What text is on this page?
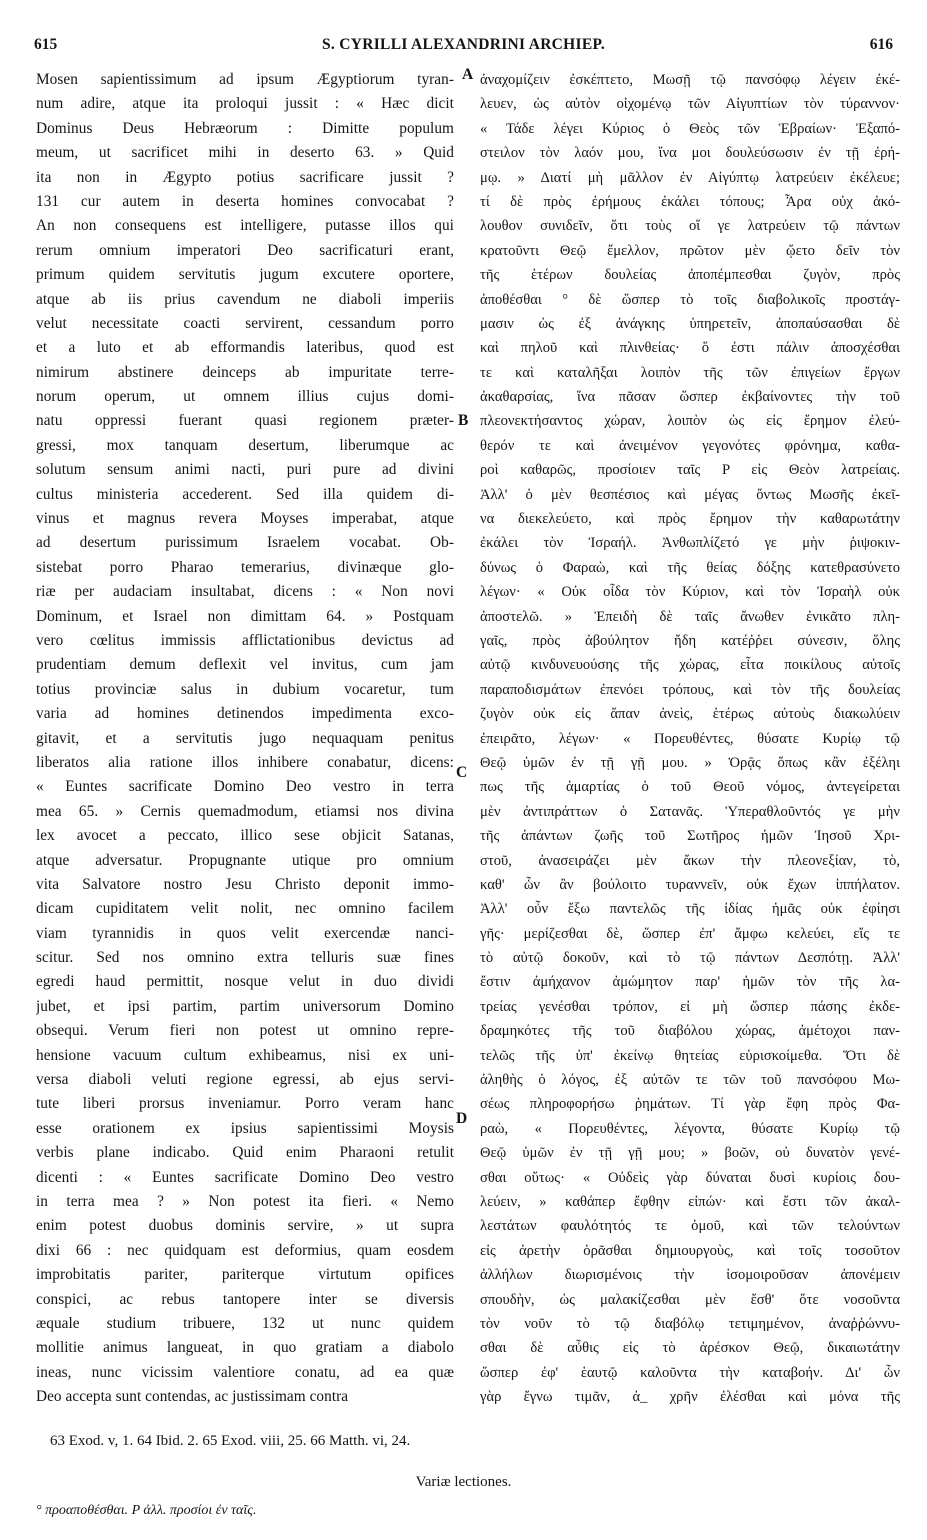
615	S. CYRILLI ALEXANDRINI ARCHIEP.	616
Mosen sapientissimum ad ipsum Ægyptiorum tyran-
num adire, atque ita proloqui jussit : « Hæc dicit
Dominus Deus Hebræorum : Dimitte populum
meum, ut sacrificet mihi in deserto 63. » Quid
ita non in Ægypto potius sacrificare jussit ?
131 cur autem in deserta homines convocabat ?
An non consequens est intelligere, putasse illos qui
rerum omnium imperatori Deo sacrificaturi erant,
primum quidem servitutis jugum excutere oportere,
atque ab iis prius cavendum ne diaboli imperiis
velut necessitate coacti servirent, cessandum porro
et a luto et ab efformandis lateribus, quod est
nimirum abstinere deinceps ab impuritate terre-
norum operum, ut omnem illius cujus domi-
natu oppressi fuerant quasi regionem præter-
gressi, mox tanquam desertum, liberumque ac
solutum sensum animi nacti, puri pure ad divini
cultus ministeria accederent. Sed illa quidem di-
vinus et magnus revera Moyses imperabat, atque
ad desertum purissimum Israelem vocabat. Ob-
sistebat porro Pharao temerarius, divinæque glo-
riæ per audaciam insultabat, dicens : « Non novi
Dominum, et Israel non dimittam 64. » Postquam
vero cœlitus immissis afflictationibus devictus ad
prudentiam demum deflexit vel invitus, cum jam
totius provinciæ salus in dubium vocaretur, tum
varia ad homines detinendos impedimenta exco-
gitavit, et a servitutis jugo nequaquam penitus
liberatos alia ratione illos inhibere conabatur, dicens:
« Euntes sacrificate Domino Deo vestro in terra
mea 65. » Cernis quemadmodum, etiamsi nos divina
lex avocet a peccato, illico sese objicit Satanas,
atque adversatur. Propugnante utique pro omnium
vita Salvatore nostro Jesu Christo deponit immo-
dicam cupiditatem velit nolit, nec omnino facilem
viam tyrannidis in quos velit exercendæ nanci-
scitur. Sed nos omnino extra telluris suæ fines
egredi haud permittit, nosque velut in duo dividi
jubet, et ipsi partim, partim universorum Domino
obsequi. Verum fieri non potest ut omnino repre-
hensione vacuum cultum exhibeamus, nisi ex uni-
versa diaboli veluti regione egressi, ab ejus servi-
tute liberi prorsus inveniamur. Porro veram hanc
esse orationem ex ipsius sapientissimi Moysis
verbis plane indicabo. Quid enim Pharaoni retulit
dicenti : « Euntes sacrificate Domino Deo vestro
in terra mea ? » Non potest ita fieri. « Nemo
enim potest duobus dominis servire, » ut supra
dixi 66 : nec quidquam est deformius, quam eosdem
improbitatis pariter, pariterque virtutum opifices
conspici, ac rebus tantopere inter se diversis
æquale studium tribuere, 132 ut nunc quidem
mollitie animus langueat, in quo gratiam a diabolo
ineas, nunc vicissim valentiore conatu, ad ea quæ
Deo accepta sunt contendas, ac justissimam contra
ἀναχομίζειν ἐσκέπτετο, Μωσῇ τῷ πανσόφῳ λέγειν ἐκέ-
λευεν, ὡς αὐτὸν οἰχομένῳ τῶν Αἰγυπτίων τὸν τύραννον·
« Τάδε λέγει Κύριος ὁ Θεὸς τῶν Ἑβραίων· Ἐξαπό-
στειλον τὸν λαόν μου, ἵνα μοι δουλεύσωσιν ἐν τῇ ἐρή-
μῳ. » Διατί μὴ μᾶλλον ἐν Αἰγύπτῳ λατρεύειν ἐκέλευε;
τί δὲ πρὸς ἐρήμους ἐκάλει τόπους; Ἆρα οὐχ ἀκό-
λουθον συνιδεῖν, ὅτι τοὺς οἵ γε λατρεύειν τῷ πάντων
κρατοῦντι Θεῷ ἔμελλον, πρῶτον μὲν ᾤετο δεῖν τὸν
τῆς ἑτέρων δουλείας ἀποπέμπεσθαι ζυγὸν, πρὸς
ἀποθέσθαι ° δὲ ὥσπερ τὸ τοῖς διαβολικοῖς προστάγ-
μασιν ὡς ἐξ ἀνάγκης ὑπηρετεῖν, ἀποπαύσασθαι δὲ
καὶ πηλοῦ καὶ πλινθείας· ὅ ἐστι πάλιν ἀποσχέσθαι
τε καὶ καταλῆξαι λοιπὸν τῆς τῶν ἐπιγείων ἔργων
ἀκαθαρσίας, ἵνα πᾶσαν ὥσπερ ἐκβαίνοντες τὴν τοῦ
πλεονεκτήσαντος χώραν, λοιπὸν ὡς εἰς ἔρημον ἐλεύ-
θερόν τε καὶ ἀνειμένον γεγονότες φρόνημα, καθα-
ροὶ καθαρῶς, προσίοιεν ταῖς P εἰς Θεὸν λατρείαις.
Ἀλλ' ὁ μὲν θεσπέσιος καὶ μέγας ὄντως Μωσῆς ἐκεῖ-
να διεκελεύετο, καὶ πρὸς ἔρημον τὴν καθαρωτάτην
ἐκάλει τὸν Ἰσραήλ. Ἀνθωπλίζετό γε μὴν ῥιψοκιν-
δύνως ὁ Φαραὼ, καὶ τῆς θείας δόξης κατεθρασύνετο
λέγων· « Οὐκ οἶδα τὸν Κύριον, καὶ τὸν Ἰσραὴλ οὐκ
ἀποστελῶ. » Ἐπειδὴ δὲ ταῖς ἄνωθεν ἐνικᾶτο πλη-
γαῖς, πρὸς ἀβούλητον ἤδη κατέῤῥει σύνεσιν, ὅλης
αὐτῷ κινδυνευούσης τῆς χώρας, εἶτα ποικίλους αὐτοῖς
παραποδισμάτων ἐπενόει τρόπους, καὶ τὸν τῆς δουλείας
ζυγὸν οὐκ εἰς ἅπαν ἀνεὶς, ἑτέρως αὐτοὺς διακωλύειν
ἐπειρᾶτο, λέγων· « Πορευθέντες, θύσατε Κυρίῳ τῷ
Θεῷ ὑμῶν ἐν τῇ γῇ μου. » Ὁρᾷς ὅπως κἂν ἐξέληι
πως τῆς ἁμαρτίας ὁ τοῦ Θεοῦ νόμος, ἀντεγείρεται
μὲν ἀντιπράττων ὁ Σατανᾶς. Ὑπεραθλοῦντός γε μὴν
τῆς ἁπάντων ζωῆς τοῦ Σωτῆρος ἡμῶν Ἰησοῦ Χρι-
στοῦ, ἀνασειράζει μὲν ἄκων τὴν πλεονεξίαν, τὸ,
καθ' ὧν ἂν βούλοιτο τυραννεῖν, οὐκ ἔχων ἱππήλατον.
Ἀλλ' οὖν ἔξω παντελῶς τῆς ἰδίας ἡμᾶς οὐκ ἐφίησι
γῆς· μερίζεσθαι δὲ, ὥσπερ ἐπ' ἄμφω κελεύει, εἴς τε
τὸ αὐτῷ δοκοῦν, καὶ τὸ τῷ πάντων Δεσπότῃ. Ἀλλ'
ἔστιν ἀμήχανον ἀμώμητον παρ' ἡμῶν τὸν τῆς λα-
τρείας γενέσθαι τρόπον, εἰ μὴ ὥσπερ πάσης ἐκδε-
δραμηκότες τῆς τοῦ διαβόλου χώρας, ἀμέτοχοι παν-
τελῶς τῆς ὑπ' ἐκείνῳ θητείας εὑρισκοίμεθα. Ὅτι δὲ
ἀληθὴς ὁ λόγος, ἐξ αὐτῶν τε τῶν τοῦ πανσόφου Μω-
σέως πληροφορήσω ῥημάτων. Τί γὰρ ἔφη πρὸς Φα-
ραὼ, « Πορευθέντες, λέγοντα, θύσατε Κυρίῳ τῷ
Θεῷ ὑμῶν ἐν τῇ γῇ μου; » βοῶν, οὐ δυνατὸν γενέ-
σθαι οὕτως· « Οὐδεὶς γὰρ δύναται δυσὶ κυρίοις δου-
λεύειν, » καθάπερ ἔφθην εἰπών· καὶ ἔστι τῶν ἀκαλ-
λεστάτων φαυλότητός τε ὁμοῦ, καὶ τῶν τελούντων
εἰς ἀρετὴν ὁρᾶσθαι δημιουργοὺς, καὶ τοῖς τοσοῦτον
ἀλλήλων διωρισμένοις τὴν ἰσομοιροῦσαν ἀπονέμειν
σπουδὴν, ὡς μαλακίζεσθαι μὲν ἔσθ' ὅτε νοσοῦντα
τὸν νοῦν τὸ τῷ διαβόλῳ τετιμημένον, ἀναῤῥώννυ-
σθαι δὲ αὖθις εἰς τὸ ἀρέσκον Θεῷ, δικαιωτάτην
ὥσπερ ἐφ' ἑαυτῷ καλοῦντα τὴν καταβοήν. Δι' ὧν
γὰρ ἔγνω τιμᾶν, ἀ_ χρῆν ἐλέσθαι καὶ μόνα τῆς
A
B
C
D
63 Exod. v, 1. 64 Ibid. 2. 65 Exod. viii, 25. 66 Matth. vi, 24.
Variæ lectiones.
° προαποθέσθαι. P ἀλλ. προσίοι ἐν ταῖς.
